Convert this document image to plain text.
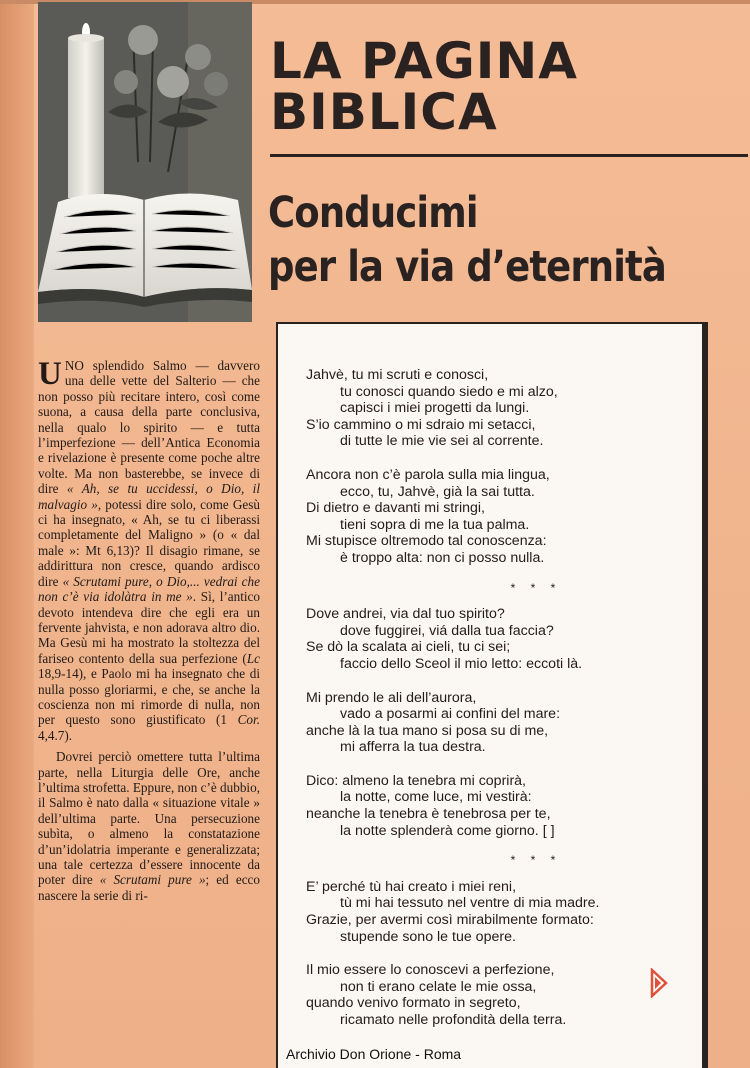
LA PAGINA
BIBLICA
Conducimi
per la via d’eternità

UNO splendido Salmo — davvero una delle vette del Salterio — che non posso più recitare intero, così come suona, a causa della parte conclusiva, nella qualo lo spirito — e tutta l’imperfezione — dell’Antica Economia e rivelazione è presente come poche altre volte. Ma non basterebbe, se invece di dire « Ah, se tu uccidessi, o Dio, il malvagio », potessi dire solo, come Gesù ci ha insegnato, « Ah, se tu ci liberassi completamente del Maligno » (o « dal male »: Mt 6,13)? Il disagio rimane, se addirittura non cresce, quando ardisco dire « Scrutami pure, o Dio,... vedrai che non c’è via idolàtra in me ». Sì, l’antico devoto intendeva dire che egli era un fervente jahvista, e non adorava altro dio. Ma Gesù mi ha mostrato la stoltezza del fariseo contento della sua perfezione (Lc 18,9-14), e Paolo mi ha insegnato che di nulla posso gloriarmi, e che, se anche la coscienza non mi rimorde di nulla, non per questo sono giustificato (1 Cor. 4,4.7).

Dovrei perciò omettere tutta l’ultima parte, nella Liturgia delle Ore, anche l’ultima strofetta. Eppure, non c’è dubbio, il Salmo è nato dalla « situazione vitale » dell’ultima parte. Una persecuzione subìta, o almeno la constatazione d’un’idolatria imperante e generalizzata; una tale certezza d’essere innocente da poter dire « Scrutami pure »; ed ecco nascere la serie di ri-

Jahvè, tu mi scruti e conosci,
tu conosci quando siedo e mi alzo,
capisci i miei progetti da lungi.
S’io cammino o mi sdraio mi setacci,
di tutte le mie vie sei al corrente.
Ancora non c’è parola sulla mia lingua,
ecco, tu, Jahvè, già la sai tutta.
Di dietro e davanti mi stringi,
tieni sopra di me la tua palma.
Mi stupisce oltremodo tal conoscenza:
è troppo alta: non ci posso nulla.
* * *
Dove andrei, via dal tuo spirito?
dove fuggirei, viá dalla tua faccia?
Se dò la scalata ai cieli, tu ci sei;
faccio dello Sceol il mio letto: eccoti là.
Mi prendo le ali dell’aurora,
vado a posarmi ai confini del mare:
anche là la tua mano si posa su di me,
mi afferra la tua destra.
Dico: almeno la tenebra mi coprirà,
la notte, come luce, mi vestirà:
neanche la tenebra è tenebrosa per te,
la notte splenderà come giorno. [ ]
* * *
E’ perché tù hai creato i miei reni,
tù mi hai tessuto nel ventre di mia madre.
Grazie, per avermi così mirabilmente formato:
stupende sono le tue opere.
Il mio essere lo conoscevi a perfezione,
non ti erano celate le mie ossa,
quando venivo formato in segreto,
ricamato nelle profondità della terra.
Archivio Don Orione - Roma
